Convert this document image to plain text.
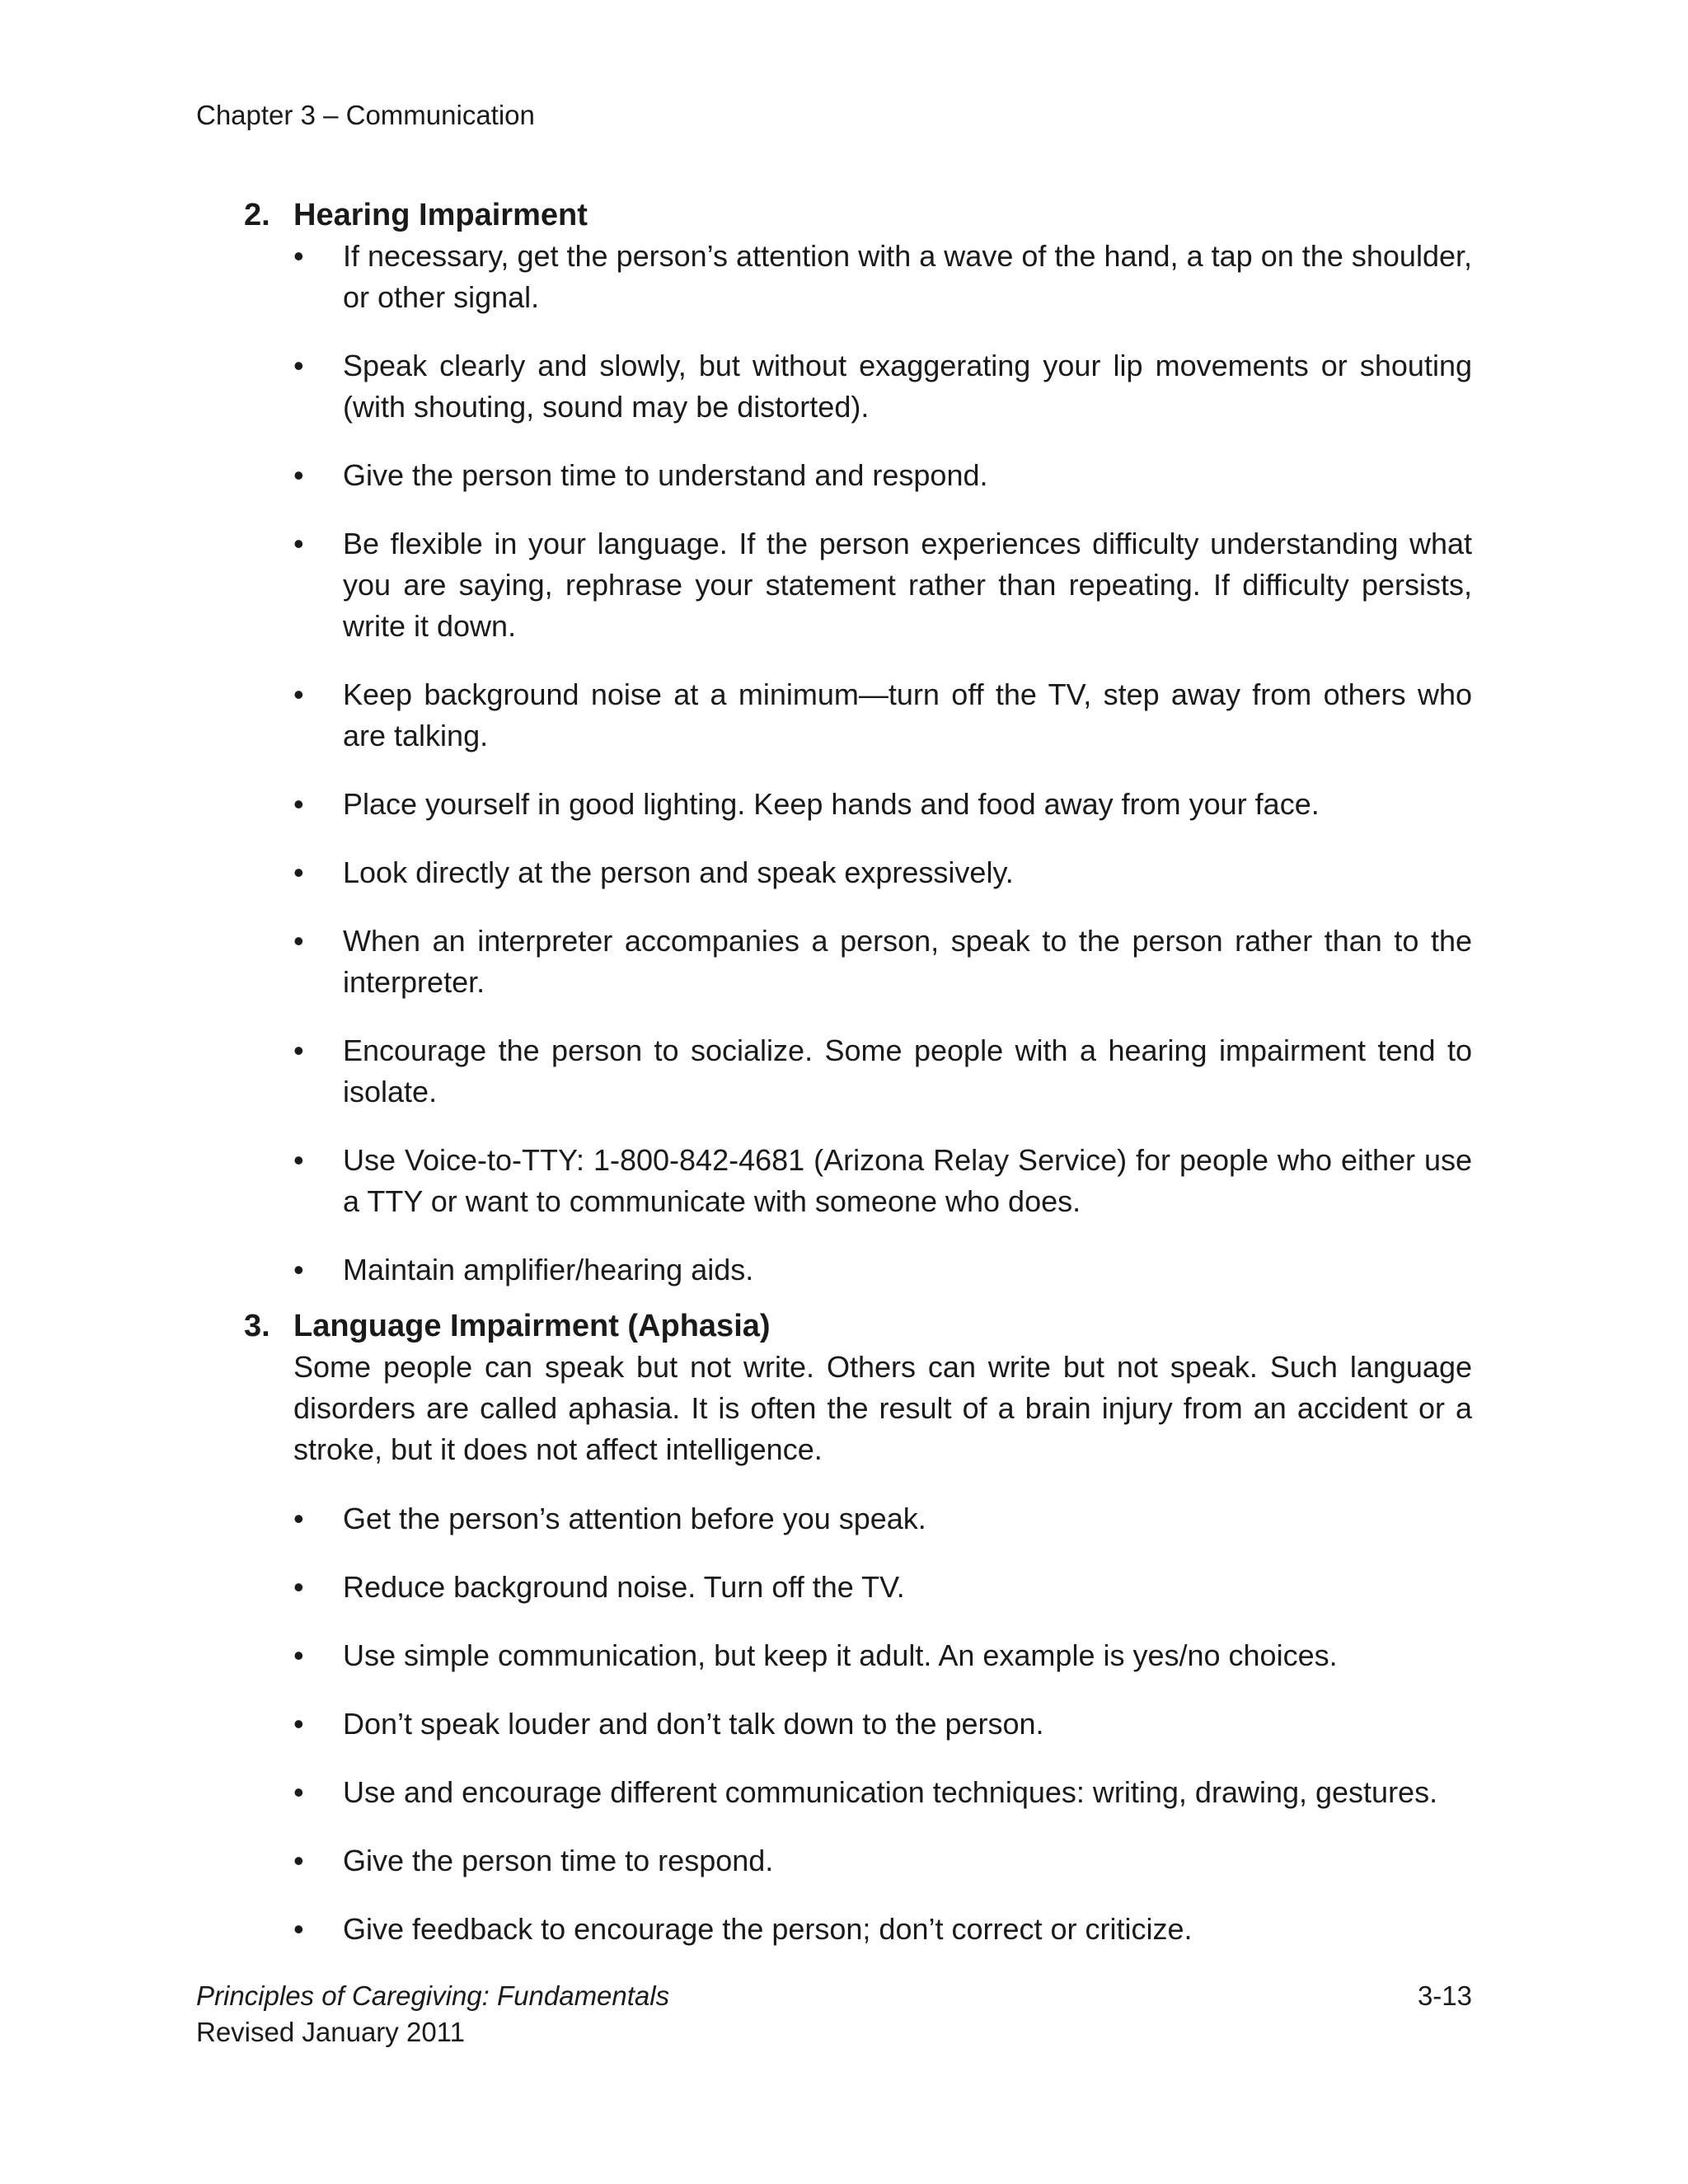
Chapter 3 – Communication
2. Hearing Impairment
• If necessary, get the person’s attention with a wave of the hand, a tap on the shoulder, or other signal.
• Speak clearly and slowly, but without exaggerating your lip movements or shouting (with shouting, sound may be distorted).
• Give the person time to understand and respond.
• Be flexible in your language. If the person experiences difficulty understanding what you are saying, rephrase your statement rather than repeating. If difficulty persists, write it down.
• Keep background noise at a minimum—turn off the TV, step away from others who are talking.
• Place yourself in good lighting. Keep hands and food away from your face.
• Look directly at the person and speak expressively.
• When an interpreter accompanies a person, speak to the person rather than to the interpreter.
• Encourage the person to socialize. Some people with a hearing impairment tend to isolate.
• Use Voice-to-TTY: 1-800-842-4681 (Arizona Relay Service) for people who either use a TTY or want to communicate with someone who does.
• Maintain amplifier/hearing aids.
3. Language Impairment (Aphasia)

Some people can speak but not write. Others can write but not speak. Such language disorders are called aphasia. It is often the result of a brain injury from an accident or a stroke, but it does not affect intelligence.

• Get the person’s attention before you speak.
• Reduce background noise. Turn off the TV.
• Use simple communication, but keep it adult. An example is yes/no choices.
• Don’t speak louder and don’t talk down to the person.
• Use and encourage different communication techniques: writing, drawing, gestures.
• Give the person time to respond.
• Give feedback to encourage the person; don’t correct or criticize.
Principles of Caregiving: Fundamentals	3-13
Revised January 2011
